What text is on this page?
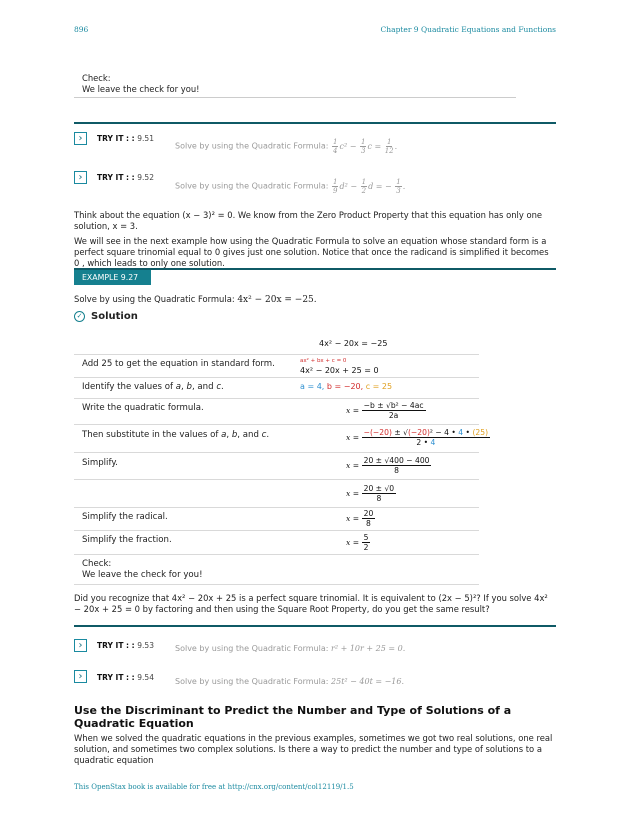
896	Chapter 9 Quadratic Equations and Functions
Check:
We leave the check for you!
›	TRY IT : : 9.51
Solve by using the Quadratic Formula: $\frac{1}{4} c^2 - \frac{1}{3}$ $c = \frac{1}{12}$ .
›	TRY IT : : 9.52
Solve by using the Quadratic Formula: $\frac{1}{9} d^2 - \frac{1}{2}$ d = − $\frac{1}{3}$ .
Think about the equation (x − 3)² = 0. We know from the Zero Product Property that this equation has only one solution, x = 3.
We will see in the next example how using the Quadratic Formula to solve an equation whose standard form is a perfect square trinomial equal to 0 gives just one solution. Notice that once the radicand is simplified it becomes 0 , which leads to only one solution.
EXAMPLE 9.27
Solve by using the Quadratic Formula: 4x² − 20x = −25.
✓ Solution
4x² − 20x = −25
Add 25 to get the equation in standard form.	ax² + bx + c = 0
4x² − 20x + 25 = 0
Identify the values of a, b, and c.	a = 4, b = −20, c = 25
Write the quadratic formula.	$x = \frac{\text{−b ± √b² − 4ac}}{2a}$
Then substitute in the values of a, b, and c.	$x = \frac{\text{−(−20) ± √(−20)² − 4 • 4 • (25)}}{2 • 4}$
Simplify.	$x = \frac{20 \pm √400 - 400}{8}$
$x = \frac{20 \pm √0}{8}$
Simplify the radical.	$x = \frac{20}{8}$
Simplify the fraction.	$x = \frac{5}{2}$
Check:
We leave the check for you!
Did you recognize that 4x² − 20x + 25 is a perfect square trinomial. It is equivalent to (2x − 5)²? If you solve 4x² − 20x + 25 = 0 by factoring and then using the Square Root Property, do you get the same result?
›	TRY IT : : 9.53	Solve by using the Quadratic Formula: r² + 10r + 25 = 0.
›	TRY IT : : 9.54	Solve by using the Quadratic Formula: 25t² − 40t = −16.
Use the Discriminant to Predict the Number and Type of Solutions of a Quadratic Equation
When we solved the quadratic equations in the previous examples, sometimes we got two real solutions, one real solution, and sometimes two complex solutions. Is there a way to predict the number and type of solutions to a quadratic equation
This OpenStax book is available for free at http://cnx.org/content/col12119/1.5
